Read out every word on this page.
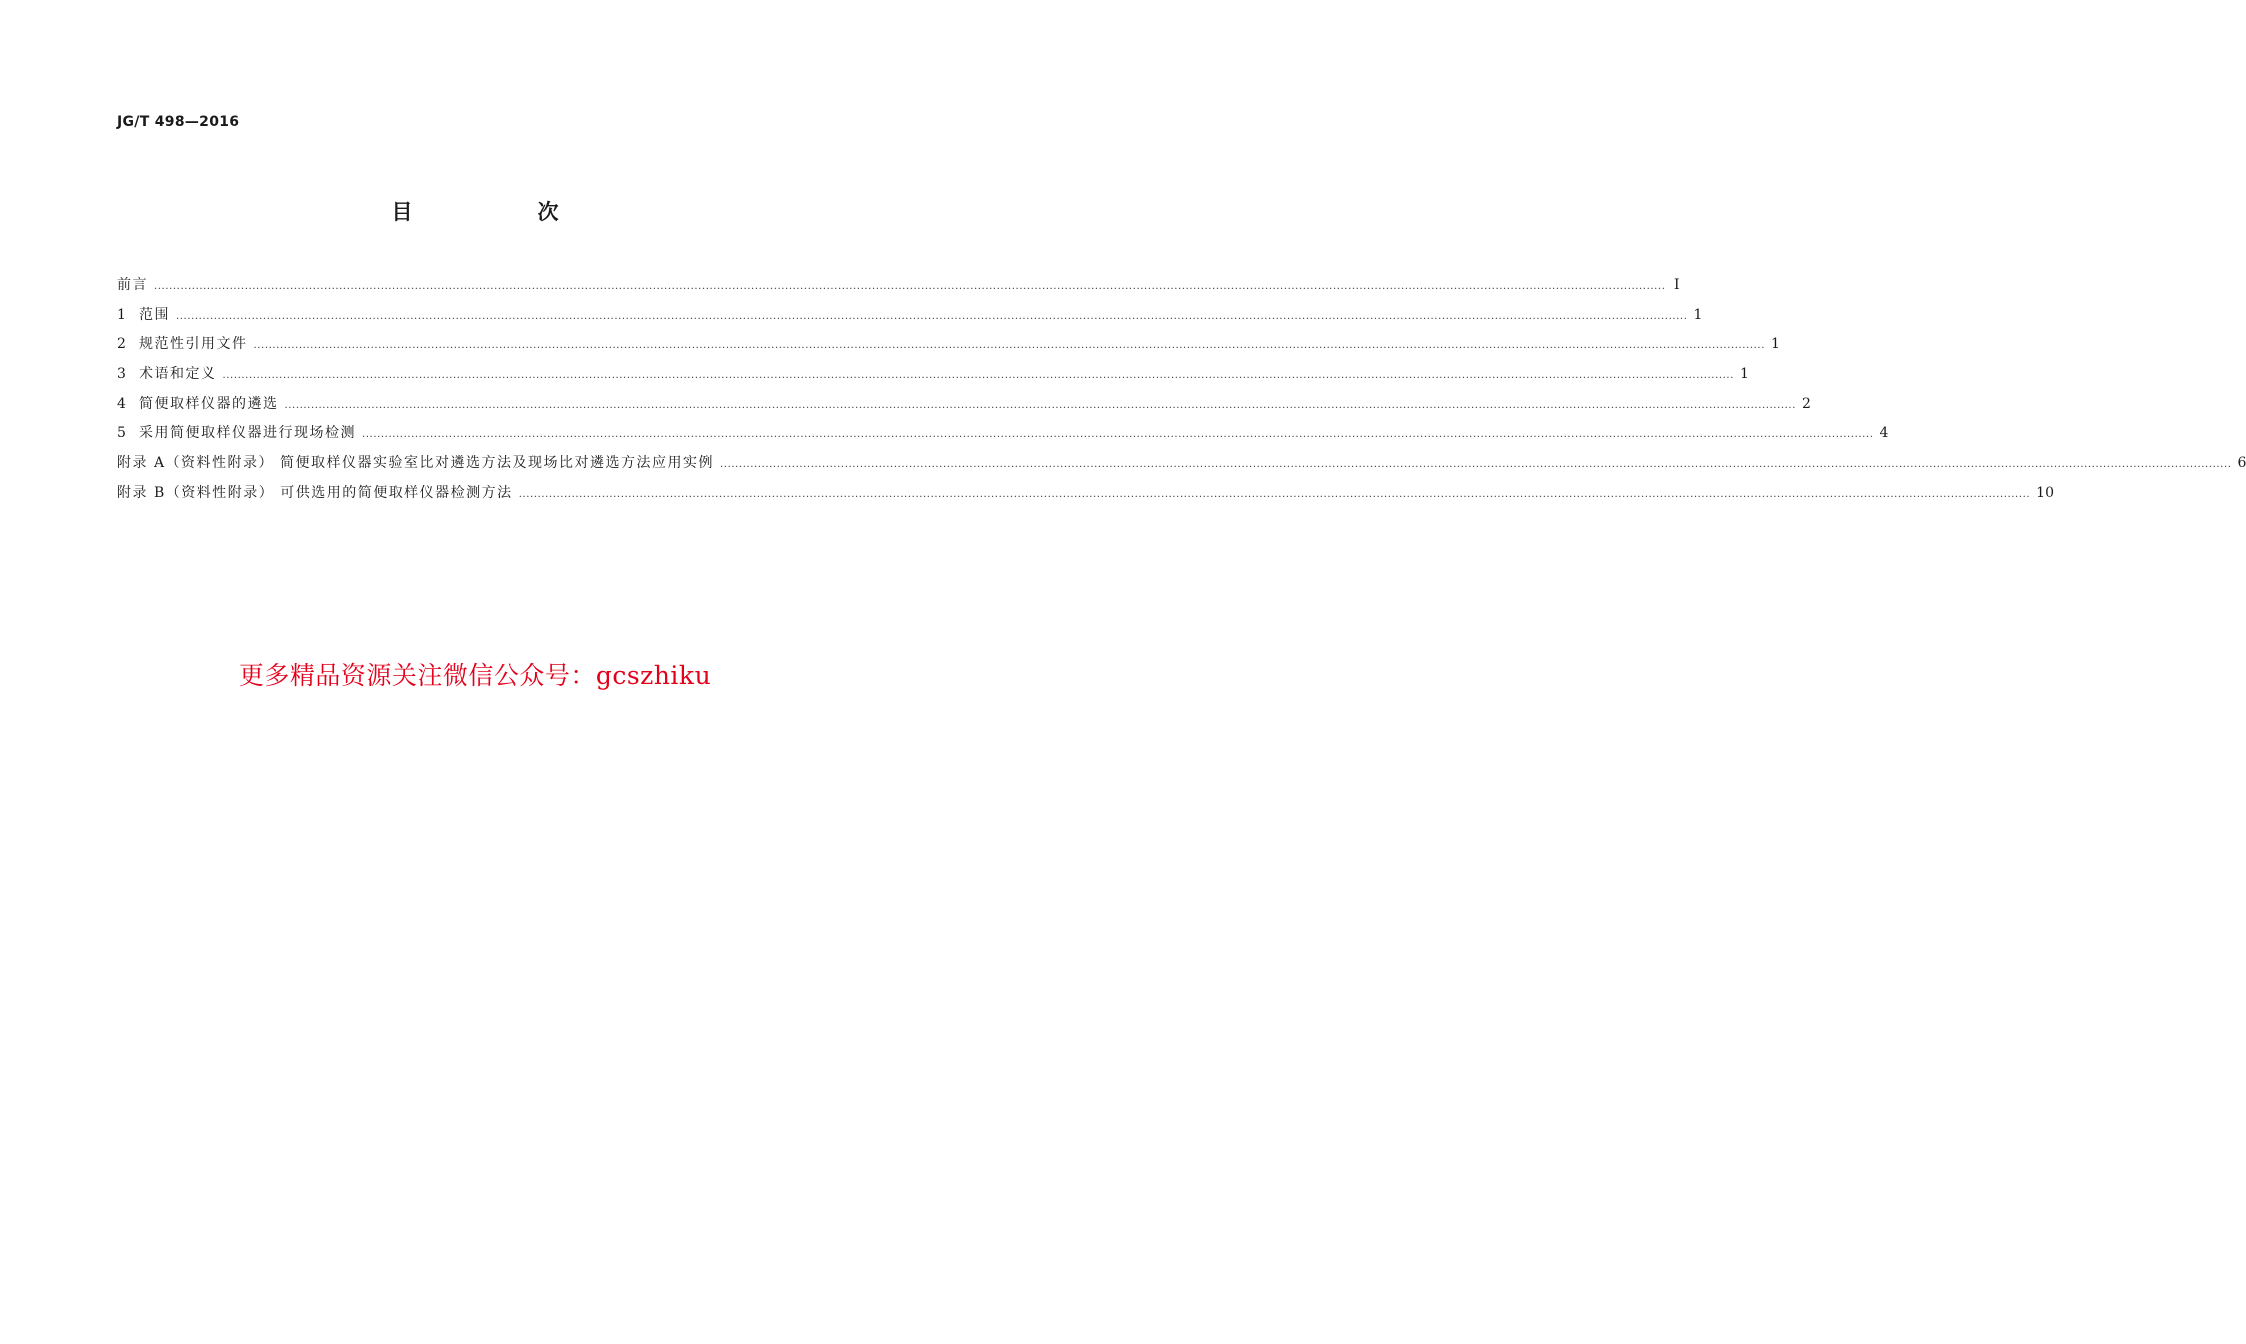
JG/T 498—2016
目　次
前言 ................................................................................................................................................................................................................................................................................................................................................................................................................ Ⅰ
1 范围 ................................................................................................................................................................................................................................................................................................................................................................................................................ 1
2 规范性引用文件 ................................................................................................................................................................................................................................................................................................................................................................................................................ 1
3 术语和定义 ................................................................................................................................................................................................................................................................................................................................................................................................................ 1
4 简便取样仪器的遴选 ................................................................................................................................................................................................................................................................................................................................................................................................................ 2
5 采用简便取样仪器进行现场检测 ................................................................................................................................................................................................................................................................................................................................................................................................................ 4
附录 A（资料性附录） 简便取样仪器实验室比对遴选方法及现场比对遴选方法应用实例 ................................................................................................................................................................................................................................................................................................................................................................................................................ 6
附录 B（资料性附录） 可供选用的简便取样仪器检测方法 ................................................................................................................................................................................................................................................................................................................................................................................................................ 10
更多精品资源关注微信公众号：gcszhiku
